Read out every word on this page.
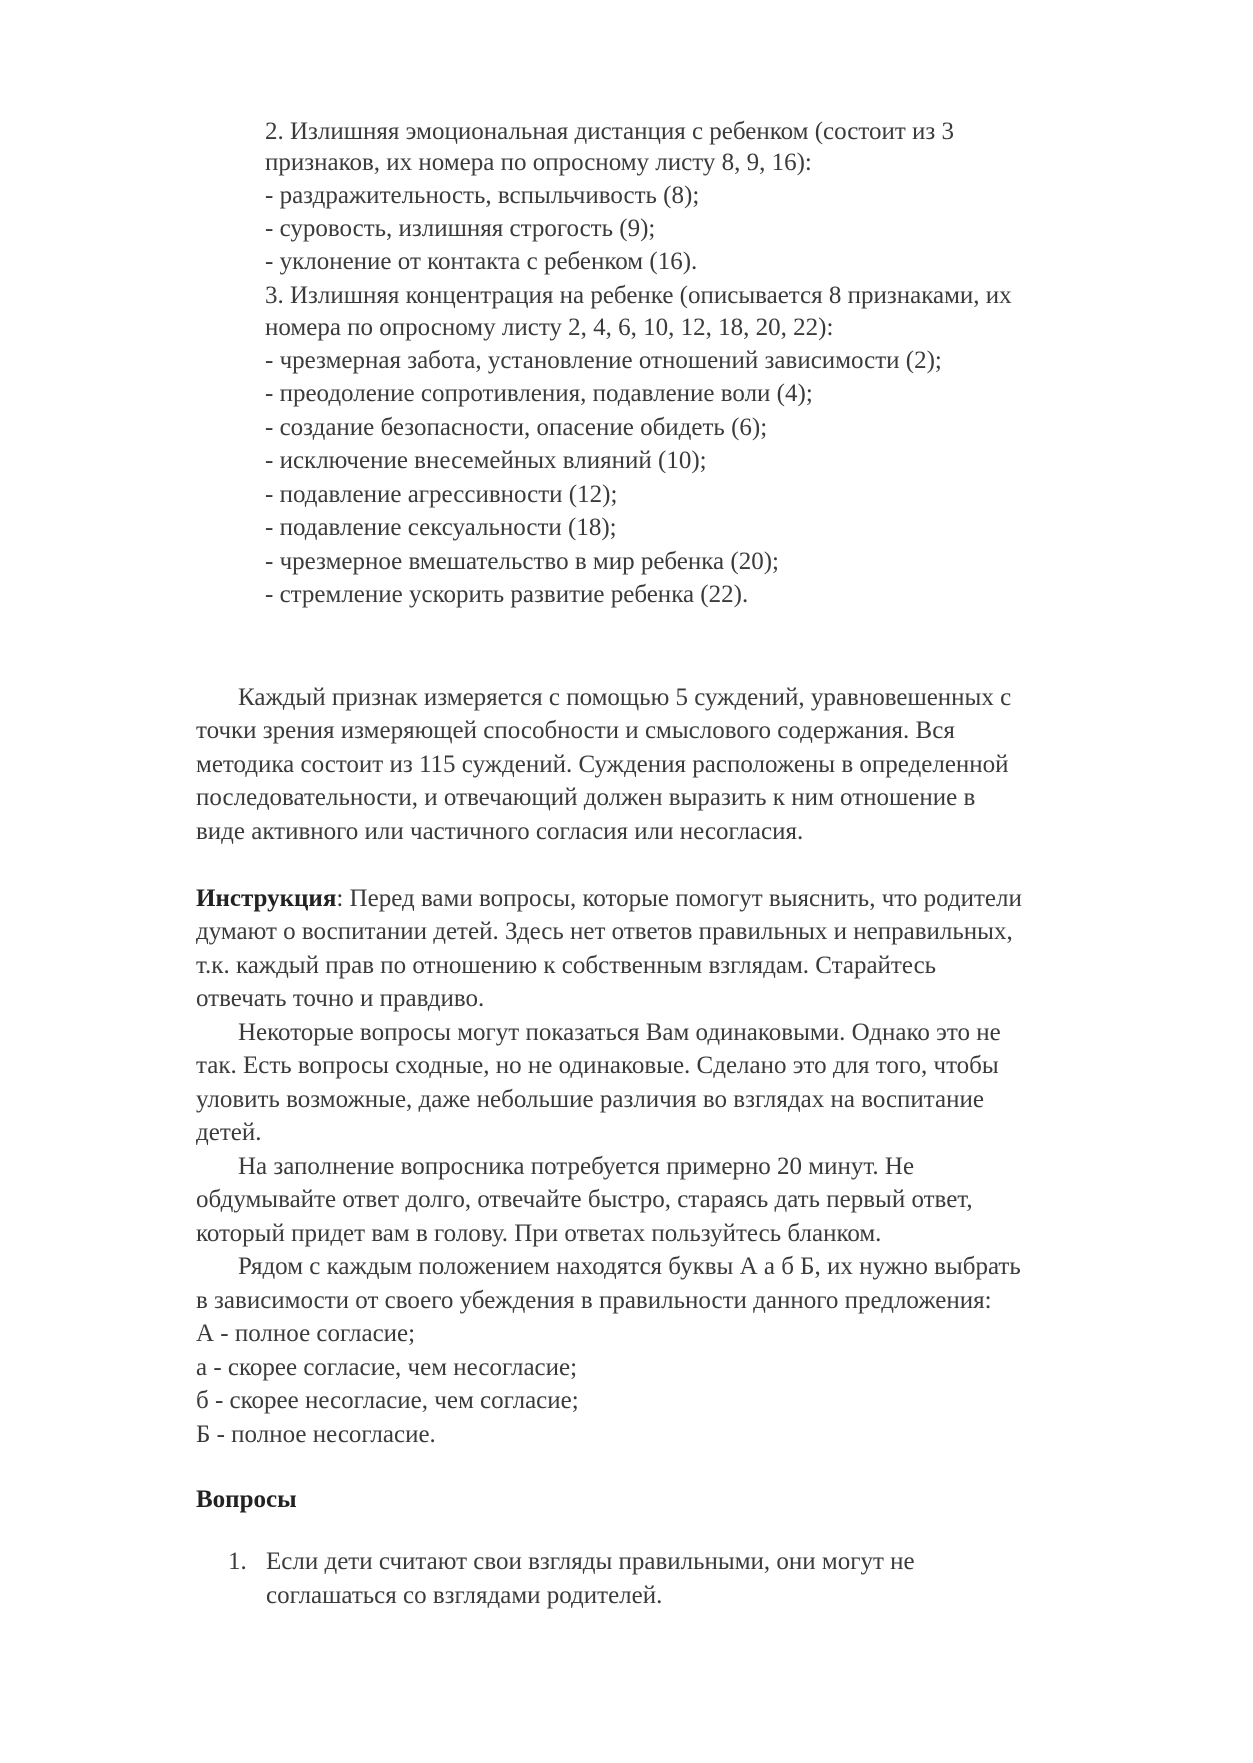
2. Излишняя эмоциональная дистанция с ребенком (состоит из 3
признаков, их номера по опросному листу 8, 9, 16):
- раздражительность, вспыльчивость (8);
- суровость, излишняя строгость (9);
- уклонение от контакта с ребенком (16).
3. Излишняя концентрация на ребенке (описывается 8 признаками, их
номера по опросному листу 2, 4, 6, 10, 12, 18, 20, 22):
- чрезмерная забота, установление отношений зависимости (2);
- преодоление сопротивления, подавление воли (4);
- создание безопасности, опасение обидеть (6);
- исключение внесемейных влияний (10);
- подавление агрессивности (12);
- подавление сексуальности (18);
- чрезмерное вмешательство в мир ребенка (20);
- стремление ускорить развитие ребенка (22).
Каждый признак измеряется с помощью 5 суждений, уравновешенных с
точки зрения измеряющей способности и смыслового содержания. Вся
методика состоит из 115 суждений. Суждения расположены в определенной
последовательности, и отвечающий должен выразить к ним отношение в
виде активного или частичного согласия или несогласия.
Инструкция: Перед вами вопросы, которые помогут выяснить, что родители
думают о воспитании детей. Здесь нет ответов правильных и неправильных,
т.к. каждый прав по отношению к собственным взглядам. Старайтесь
отвечать точно и правдиво.
Некоторые вопросы могут показаться Вам одинаковыми. Однако это не
так. Есть вопросы сходные, но не одинаковые. Сделано это для того, чтобы
уловить возможные, даже небольшие различия во взглядах на воспитание
детей.
На заполнение вопросника потребуется примерно 20 минут. Не
обдумывайте ответ долго, отвечайте быстро, стараясь дать первый ответ,
который придет вам в голову. При ответах пользуйтесь бланком.
Рядом с каждым положением находятся буквы А а б Б, их нужно выбрать
в зависимости от своего убеждения в правильности данного предложения:
А - полное согласие;
а - скорее согласие, чем несогласие;
б - скорее несогласие, чем согласие;
Б - полное несогласие.
Вопросы
1. Если дети считают свои взгляды правильными, они могут не
соглашаться со взглядами родителей.
